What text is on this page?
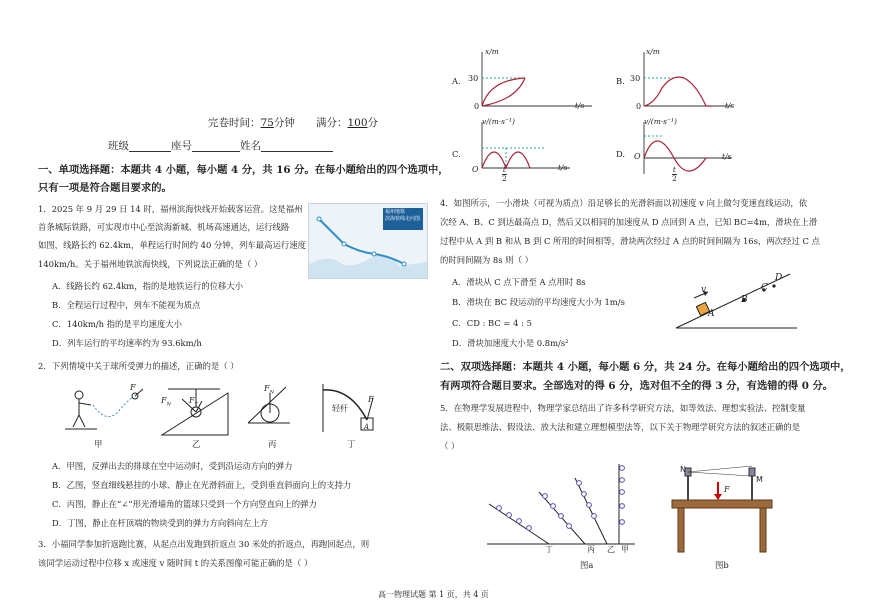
完卷时间：75分钟 满分：100分
班级	座号	姓名
一、单项选择题：本题共 4 小题，每小题 4 分，共 16 分。在每小题给出的四个选项中，
只有一项是符合题目要求的。
1．2025 年 9 月 29 日 14 时，福州滨海快线开始载客运营。这是福州
首条城际铁路，可实现市中心至滨海新城、机场高速通达，运行线路
如图，线路长约 62.4km，单程运行时间约 40 分钟，列车最高运行速度
140km/h。关于福州地铁滨海快线，下列说法正确的是（ ）
A．线路长约 62.4km，指的是地铁运行的位移大小
B．全程运行过程中，列车不能视为质点
C．140km/h 指的是平均速度大小
D．列车运行的平均速率约为 93.6km/h
福州地铁
滨海快线走向图
2．下列情境中关于球所受弹力的描述，正确的是（ ）
F
甲
$F_N$ $F_T$
乙
$F_N$
丙
轻杆
F
A
丁
A．甲图，反弹出去的排球在空中运动时，受到沿运动方向的弹力
B．乙图，竖直细线悬挂的小球、静止在光滑斜面上，受到垂直斜面向上的支持力
C．丙图，静止在“∠”形光滑墙角的篮球只受到一个方向竖直向上的弹力
D．丁图，静止在杆顶端的物块受到的弹力方向斜向左上方
3．小福同学参加折返跑比赛，从起点出发跑到折返点 30 米处的折返点，再跑回起点，则
该同学运动过程中位移 x 或速度 v 随时间 t 的关系图像可能正确的是（ ）
A.
x/m
30
0	t/s
B.
x/m
30
0	t/s
C.
v/(m·s⁻¹)
O	t/s
t
2
D.
v/(m·s⁻¹)
O	t/s
t
2
4．如图所示，一小滑块（可视为质点）沿足够长的光滑斜面以初速度 v 向上做匀变速直线运动，依
次经 A、B、C 到达最高点 D，然后又以相同的加速度从 D 点回到 A 点，已知 BC=4m，滑块在上滑
过程中从 A 到 B 和从 B 到 C 所用的时间相等，滑块两次经过 A 点的时间间隔为 16s，两次经过 C 点
的时间间隔为 8s 则（ ）
A．滑块从 C 点下滑至 A 点用时 8s
B．滑块在 BC 段运动的平均速度大小为 1m/s
C．CD : BC = 4 : 5
D．滑块加速度大小是 0.8m/s²
v
A
B
C
D
二、双项选择题：本题共 4 小题，每小题 6 分，共 24 分。在每小题给出的四个选项中，
有两项符合题目要求。全部选对的得 6 分，选对但不全的得 3 分，有选错的得 0 分。
5．在物理学发展进程中，物理学家总结出了许多科学研究方法，如等效法、理想实验法、控制变量
法、极限思维法、假设法、放大法和建立理想模型法等，以下关于物理学研究方法的叙述正确的是
（ ）
丁	丙 乙 甲
图a
N
M
F
图b
高一物理试题 第 1 页，共 4 页
